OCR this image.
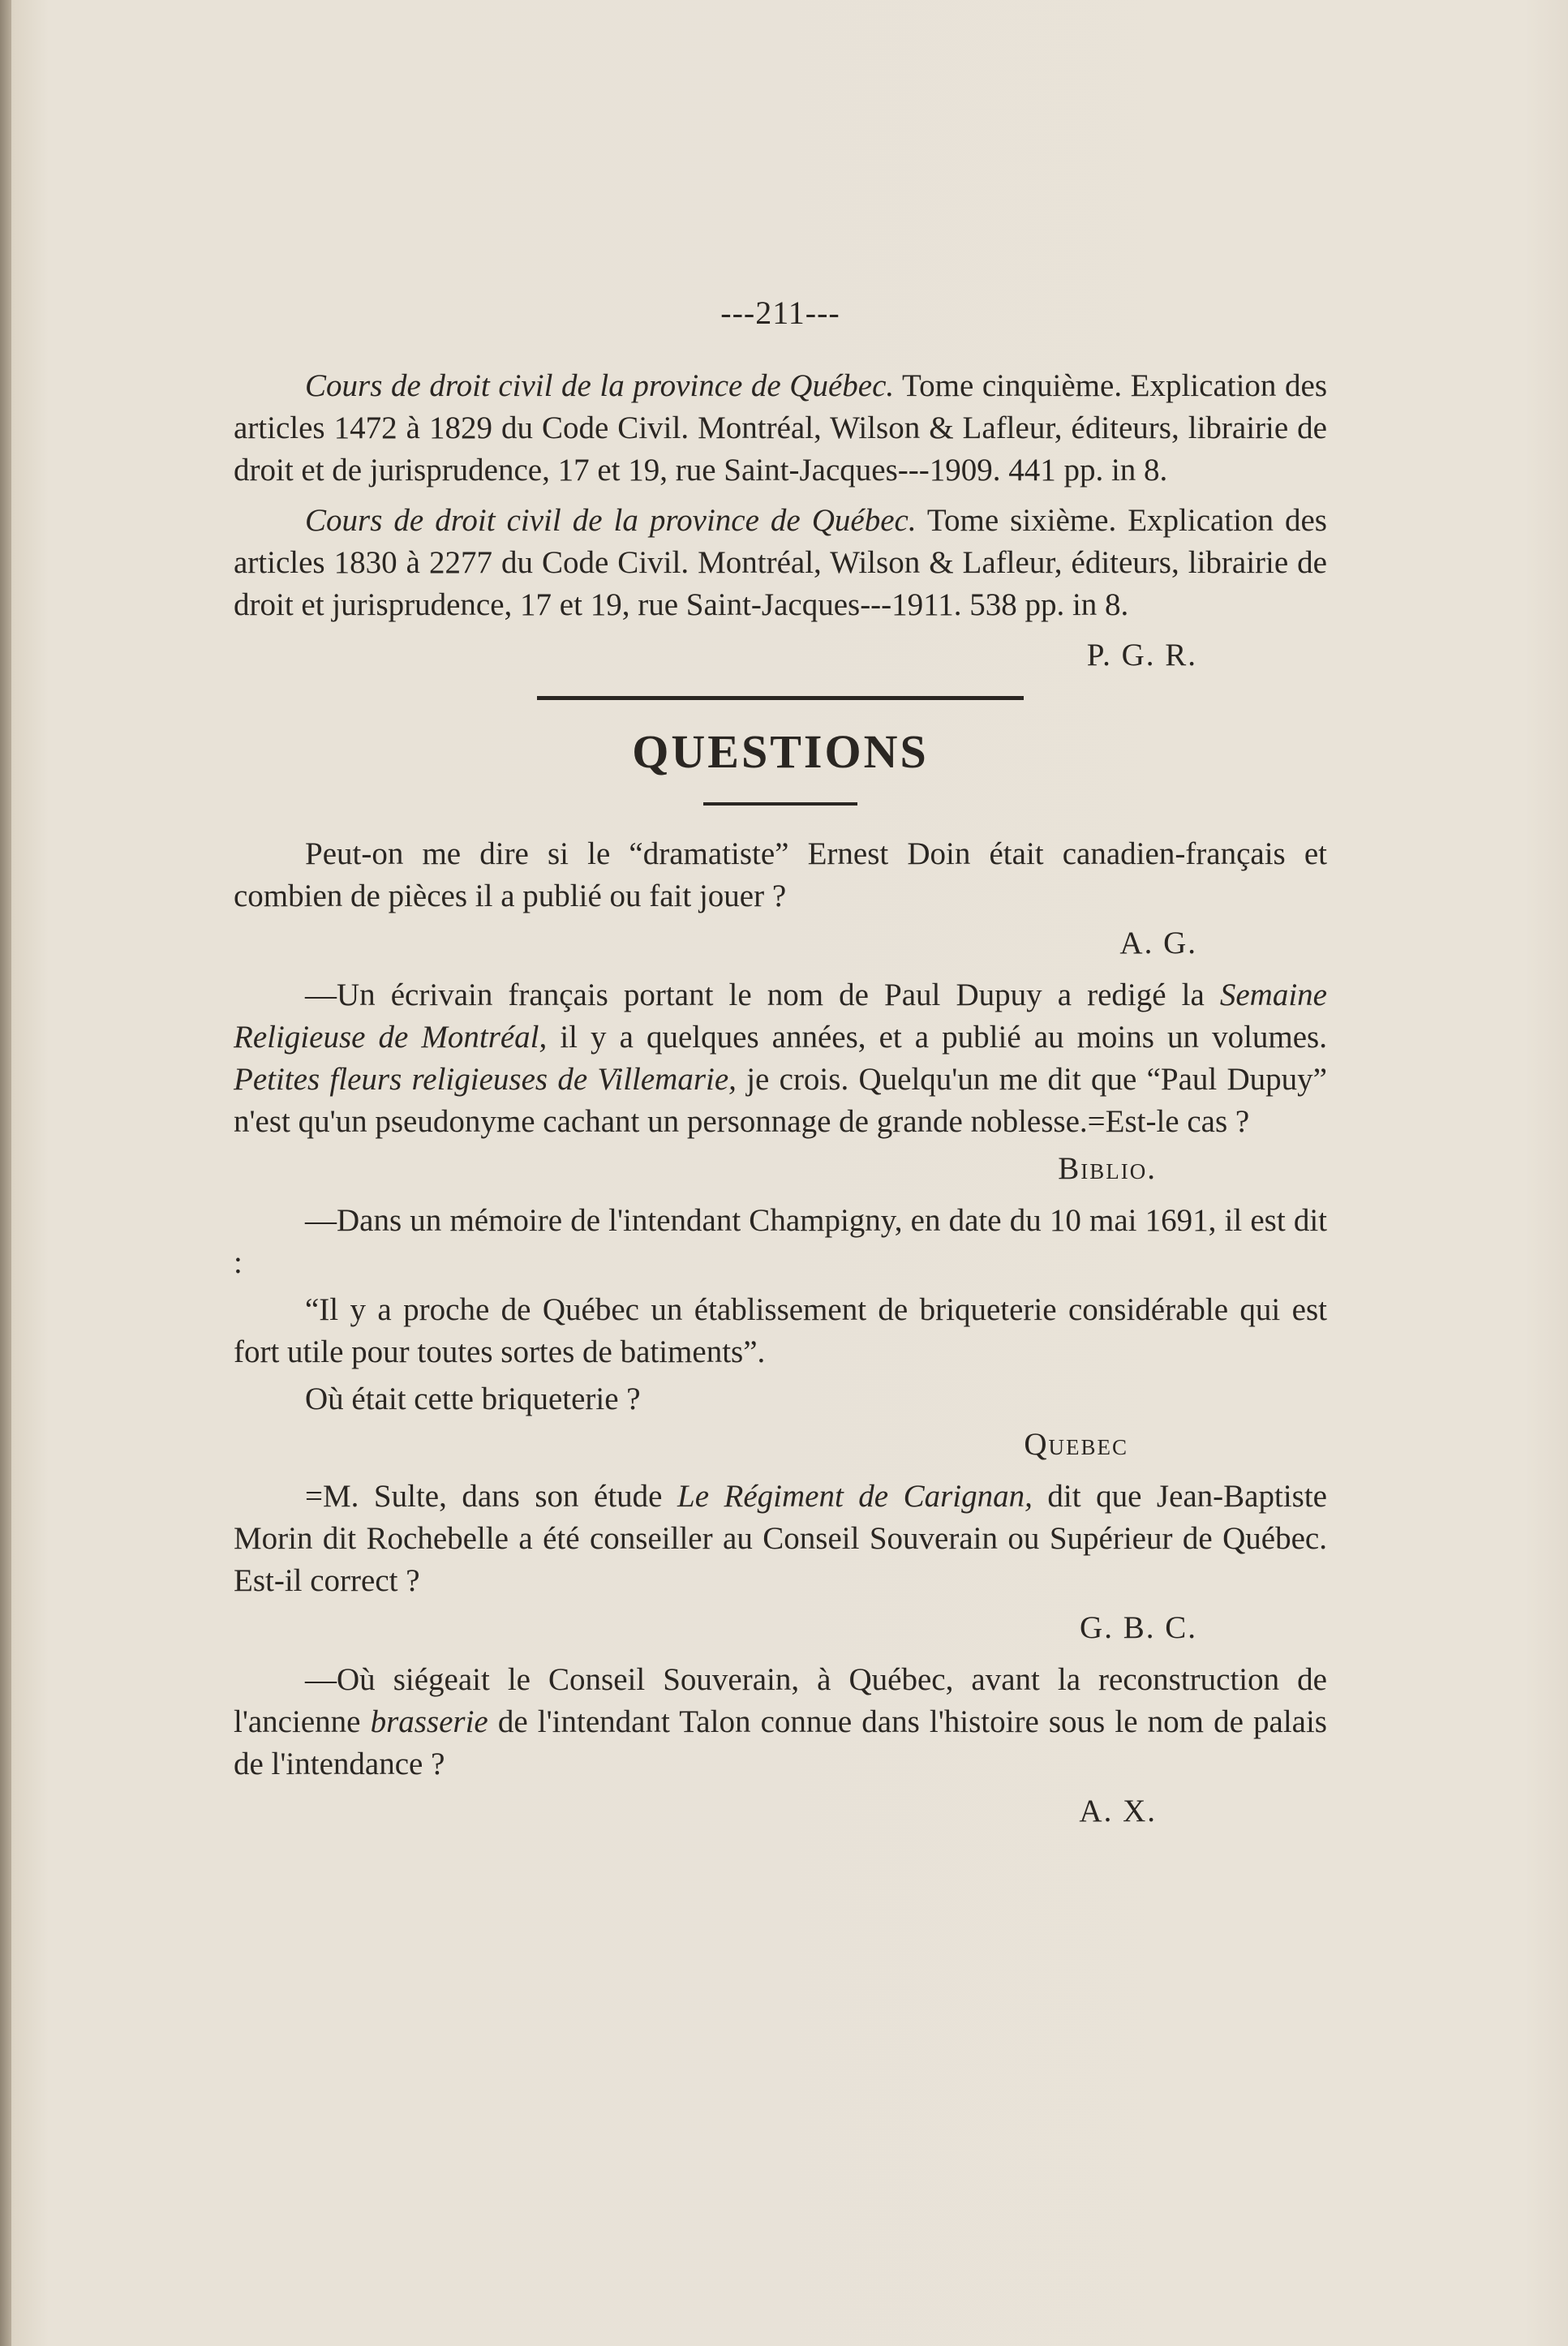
---211---

Cours de droit civil de la province de Québec. Tome cinquième. Explication des articles 1472 à 1829 du Code Civil. Montréal, Wilson & Lafleur, éditeurs, librairie de droit et de jurisprudence, 17 et 19, rue Saint-Jacques---1909. 441 pp. in 8.

Cours de droit civil de la province de Québec. Tome sixième. Explication des articles 1830 à 2277 du Code Civil. Montréal, Wilson & Lafleur, éditeurs, librairie de droit et jurisprudence, 17 et 19, rue Saint-Jacques---1911. 538 pp. in 8.

P. G. R.
QUESTIONS

Peut-on me dire si le “dramatiste” Ernest Doin était canadien-français et combien de pièces il a publié ou fait jouer ?

A. G.

—Un écrivain français portant le nom de Paul Dupuy a redigé la Semaine Religieuse de Montréal, il y a quelques années, et a publié au moins un volumes. Petites fleurs religieuses de Villemarie, je crois. Quelqu'un me dit que “Paul Dupuy” n'est qu'un pseudonyme cachant un personnage de grande noblesse.=Est-le cas ?

Biblio.

—Dans un mémoire de l'intendant Champigny, en date du 10 mai 1691, il est dit :

“Il y a proche de Québec un établissement de briqueterie considérable qui est fort utile pour toutes sortes de batiments”.

Où était cette briqueterie ?

Quebec

=M. Sulte, dans son étude Le Régiment de Carignan, dit que Jean-Baptiste Morin dit Rochebelle a été conseiller au Conseil Souverain ou Supérieur de Québec. Est-il correct ?

G. B. C.

—Où siégeait le Conseil Souverain, à Québec, avant la reconstruction de l'ancienne brasserie de l'intendant Talon connue dans l'histoire sous le nom de palais de l'intendance ?

A. X.
